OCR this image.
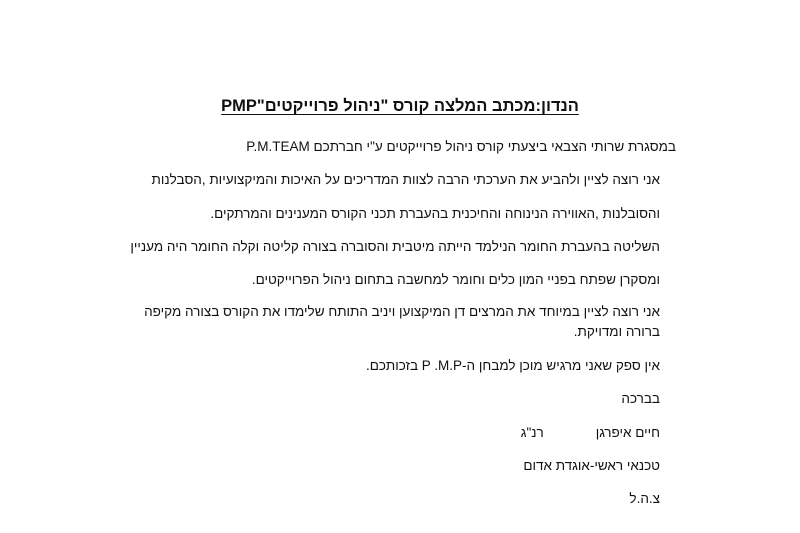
הנדון:מכתב המלצה קורס "ניהול פרוייקטים"PMP
במסגרת שרותי הצבאי ביצעתי קורס ניהול פרוייקטים ע"י חברתכם P.M.TEAM
אני רוצה לציין ולהביע את הערכתי הרבה לצוות המדריכים על האיכות והמיקצועיות ,הסבלנות
והסובלנות ,האווירה הנינוחה והחיכנית בהעברת תכני הקורס המענינים והמרתקים.
השליטה בהעברת החומר הנילמד הייתה מיטבית והסוברה בצורה קליטה וקלה החומר היה מעניין
ומסקרן שפתח בפניי המון כלים וחומר למחשבה בתחום ניהול הפרוייקטים.
אני רוצה לציין במיוחד את המרצים דן המיקצוען ויניב התותח שלימדו את הקורס בצורה מקיפה ברורה ומדויקת.
אין ספק שאני מרגיש מוכן למבחן ה-P .M.P בזכותכם.
בברכה
רנ"ג	חיים איפרגן
טכנאי ראשי-אוגדת אדום
צ.ה.ל
